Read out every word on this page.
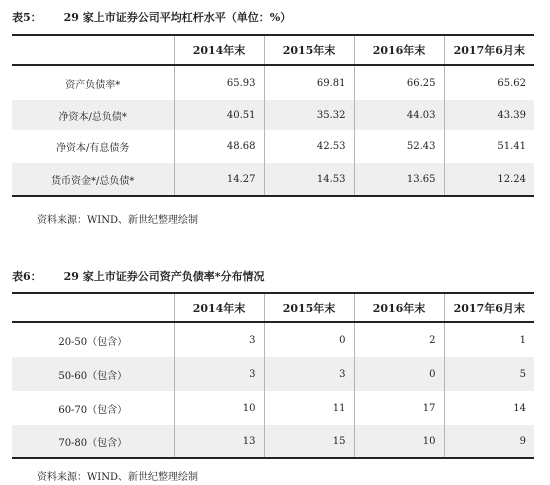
表5： 29 家上市证券公司平均杠杆水平（单位：%）
	2014年末	2015年末	2016年末	2017年6月末
资产负债率*	65.93	69.81	66.25	65.62
净资本/总负债*	40.51	35.32	44.03	43.39
净资本/有息债务	48.68	42.53	52.43	51.41
货币资金*/总负债*	14.27	14.53	13.65	12.24
资料来源：WIND、新世纪整理绘制
表6： 29 家上市证券公司资产负债率*分布情况
	2014年末	2015年末	2016年末	2017年6月末
20-50（包含）	3	0	2	1
50-60（包含）	3	3	0	5
60-70（包含）	10	11	17	14
70-80（包含）	13	15	10	9
资料来源：WIND、新世纪整理绘制
